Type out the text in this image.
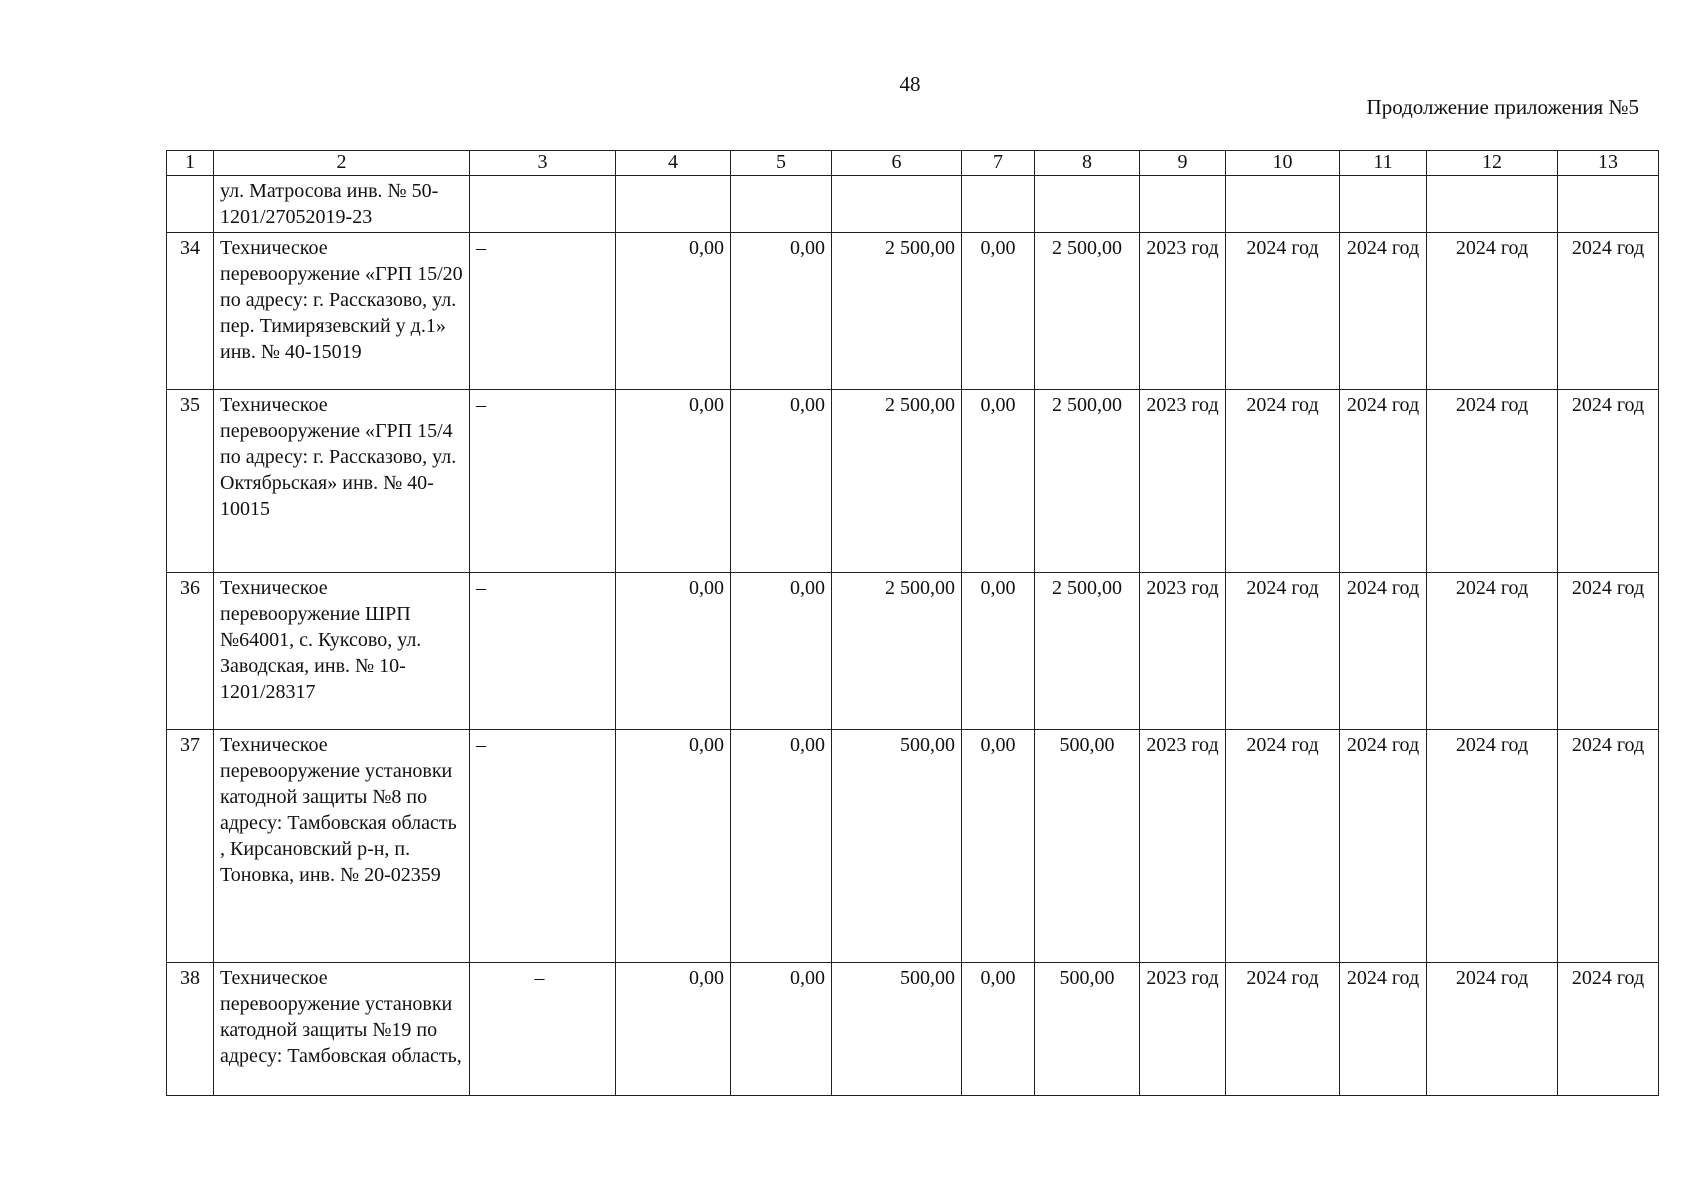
48
Продолжение приложения №5
1	2	3	4	5	6	7	8	9	10	11	12	13
	ул. Матросова инв. № 50-1201/27052019-23											
34	Техническое перевооружение «ГРП 15/20 по адресу: г. Рассказово, ул. пер. Тимирязевский у д.1» инв. № 40-15019	–	0,00	0,00	2 500,00	0,00	2 500,00	2023 год	2024 год	2024 год	2024 год	2024 год
35	Техническое перевооружение «ГРП 15/4 по адресу: г. Рассказово, ул. Октябрьская» инв. № 40-10015	–	0,00	0,00	2 500,00	0,00	2 500,00	2023 год	2024 год	2024 год	2024 год	2024 год
36	Техническое перевооружение ШРП №64001, с. Куксово, ул. Заводская, инв. № 10-1201/28317	–	0,00	0,00	2 500,00	0,00	2 500,00	2023 год	2024 год	2024 год	2024 год	2024 год
37	Техническое перевооружение установки катодной защиты №8 по адресу: Тамбовская область , Кирсановский р-н, п. Тоновка, инв. № 20-02359	–	0,00	0,00	500,00	0,00	500,00	2023 год	2024 год	2024 год	2024 год	2024 год
38	Техническое перевооружение установки катодной защиты №19 по адресу: Тамбовская область,	–	0,00	0,00	500,00	0,00	500,00	2023 год	2024 год	2024 год	2024 год	2024 год
